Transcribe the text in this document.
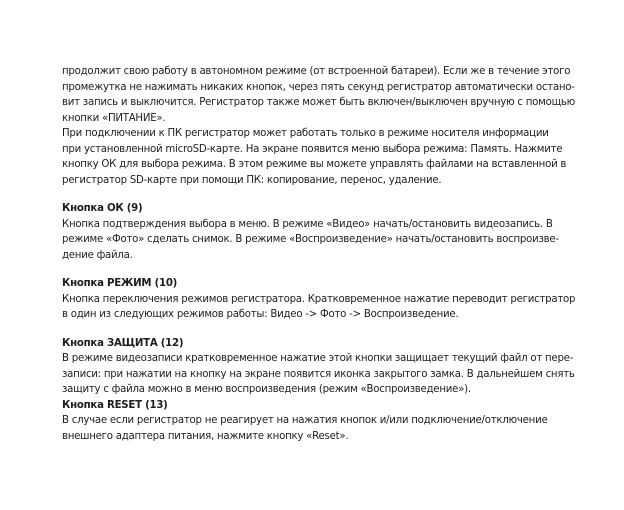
продолжит свою работу в автономном режиме (от встроенной батареи). Если же в течение этого
промежутка не нажимать никаких кнопок, через пять секунд регистратор автоматически остано-
вит запись и выключится. Регистратор также может быть включен/выключен вручную с помощью
кнопки «ПИТАНИЕ».

При подключении к ПК регистратор может работать только в режиме носителя информации
при установленной microSD-карте. На экране появится меню выбора режима: Память. Нажмите
кнопку ОК для выбора режима. В этом режиме вы можете управлять файлами на вставленной в
регистратор SD-карте при помощи ПК: копирование, перенос, удаление.

Кнопка ОК (9)
Кнопка подтверждения выбора в меню. В режиме «Видео» начать/остановить видеозапись. В
режиме «Фото» сделать снимок. В режиме «Воспроизведение» начать/остановить воспроизве-
дение файла.
Кнопка РЕЖИМ (10)
Кнопка переключения режимов регистратора. Кратковременное нажатие переводит регистратор
в один из следующих режимов работы: Видео -> Фото -> Воспроизведение.
Кнопка ЗАЩИТА (12)
В режиме видеозаписи кратковременное нажатие этой кнопки защищает текущий файл от пере-
записи: при нажатии на кнопку на экране появится иконка закрытого замка. В дальнейшем снять
защиту с файла можно в меню воспроизведения (режим «Воспроизведение»).
Кнопка RESET (13)
В случае если регистратор не реагирует на нажатия кнопок и/или подключение/отключение
внешнего адаптера питания, нажмите кнопку «Reset».
